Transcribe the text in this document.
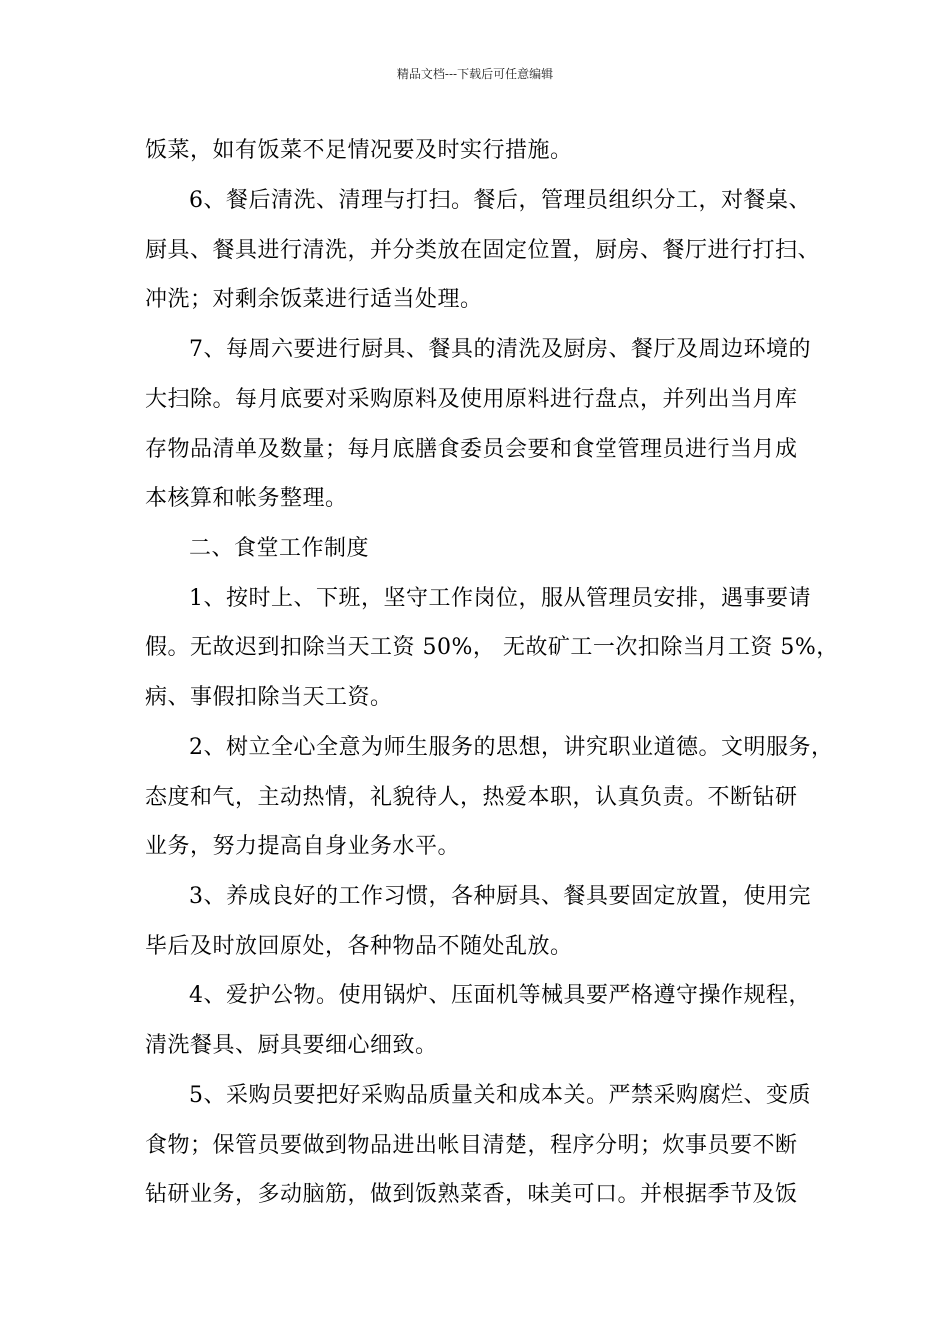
精品文档---下载后可任意编辑
饭菜，如有饭菜不足情况要及时实行措施。
6、餐后清洗、清理与打扫。餐后，管理员组织分工，对餐桌、
厨具、餐具进行清洗，并分类放在固定位置，厨房、餐厅进行打扫、
冲洗；对剩余饭菜进行适当处理。
7、每周六要进行厨具、餐具的清洗及厨房、餐厅及周边环境的
大扫除。每月底要对采购原料及使用原料进行盘点，并列出当月库
存物品清单及数量；每月底膳食委员会要和食堂管理员进行当月成
本核算和帐务整理。
二、食堂工作制度
1、按时上、下班，坚守工作岗位，服从管理员安排，遇事要请
假。无故迟到扣除当天工资 50%， 无故矿工一次扣除当月工资 5%，
病、事假扣除当天工资。
2、树立全心全意为师生服务的思想，讲究职业道德。文明服务，
态度和气，主动热情，礼貌待人，热爱本职，认真负责。不断钻研
业务，努力提高自身业务水平。
3、养成良好的工作习惯，各种厨具、餐具要固定放置，使用完
毕后及时放回原处，各种物品不随处乱放。
4、爱护公物。使用锅炉、压面机等械具要严格遵守操作规程，
清洗餐具、厨具要细心细致。
5、采购员要把好采购品质量关和成本关。严禁采购腐烂、变质
食物；保管员要做到物品进出帐目清楚，程序分明；炊事员要不断
钻研业务，多动脑筋，做到饭熟菜香，味美可口。并根据季节及饭
